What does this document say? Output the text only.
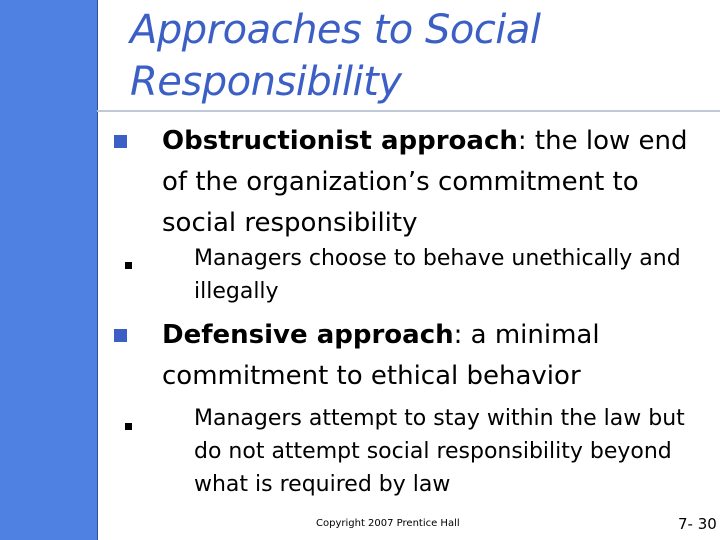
Approaches to Social
Responsibility
Obstructionist approach: the low end of the organization’s commitment to social responsibility
Managers choose to behave unethically and illegally
Defensive approach: a minimal commitment to ethical behavior
Managers attempt to stay within the law but do not attempt social responsibility beyond what is required by law
Copyright 2007 Prentice Hall	7- 30
